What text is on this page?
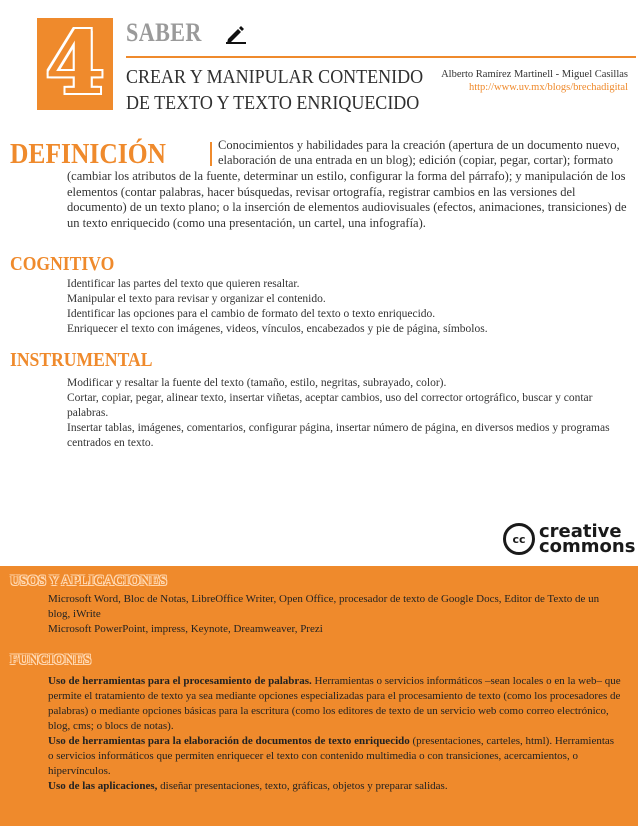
4 SABER
CREAR Y MANIPULAR CONTENIDO
DE TEXTO Y TEXTO ENRIQUECIDO
Alberto Ramírez Martinell - Miguel Casillas
http://www.uv.mx/blogs/brechadigital
DEFINICIÓN	Conocimientos y habilidades para la creación (apertura de un documento nuevo, elaboración de una entrada en un blog); edición (copiar, pegar, cortar); formato
(cambiar los atributos de la fuente, determinar un estilo, configurar la forma del párrafo); y manipulación de los elementos (contar palabras, hacer búsquedas, revisar ortografía, registrar cambios en las versiones del documento) de un texto plano; o la inserción de elementos audiovisuales (efectos, animaciones, transiciones) de un texto enriquecido (como una presentación, un cartel, una infografía).
COGNITIVO

Identificar las partes del texto que quieren resaltar.

Manipular el texto para revisar y organizar el contenido.

Identificar las opciones para el cambio de formato del texto o texto enriquecido.

Enriquecer el texto con imágenes, videos, vínculos, encabezados y pie de página, símbolos.

INSTRUMENTAL

Modificar y resaltar la fuente del texto (tamaño, estilo, negritas, subrayado, color).

Cortar, copiar, pegar, alinear texto, insertar viñetas, aceptar cambios, uso del corrector ortográfico, buscar y contar palabras.

Insertar tablas, imágenes, comentarios, configurar página, insertar número de página, en diversos medios y programas centrados en texto.

cc creative
commons
USOS Y APLICACIONES

Microsoft Word, Bloc de Notas, LibreOffice Writer, Open Office, procesador de texto de Google Docs, Editor de Texto de un blog, iWrite

Microsoft PowerPoint, impress, Keynote, Dreamweaver, Prezi

FUNCIONES

Uso de herramientas para el procesamiento de palabras. Herramientas o servicios informáticos –sean locales o en la web– que permite el tratamiento de texto ya sea mediante opciones especializadas para el procesamiento de texto (como los procesadores de palabras) o mediante opciones básicas para la escritura (como los editores de texto de un servicio web como correo electrónico, blog, cms; o blocs de notas).

Uso de herramientas para la elaboración de documentos de texto enriquecido (presentaciones, carteles, html). Herramientas o servicios informáticos que permiten enriquecer el texto con contenido multimedia o con transiciones, acercamientos, o hipervínculos.

Uso de las aplicaciones, diseñar presentaciones, texto, gráficas, objetos y preparar salidas.
